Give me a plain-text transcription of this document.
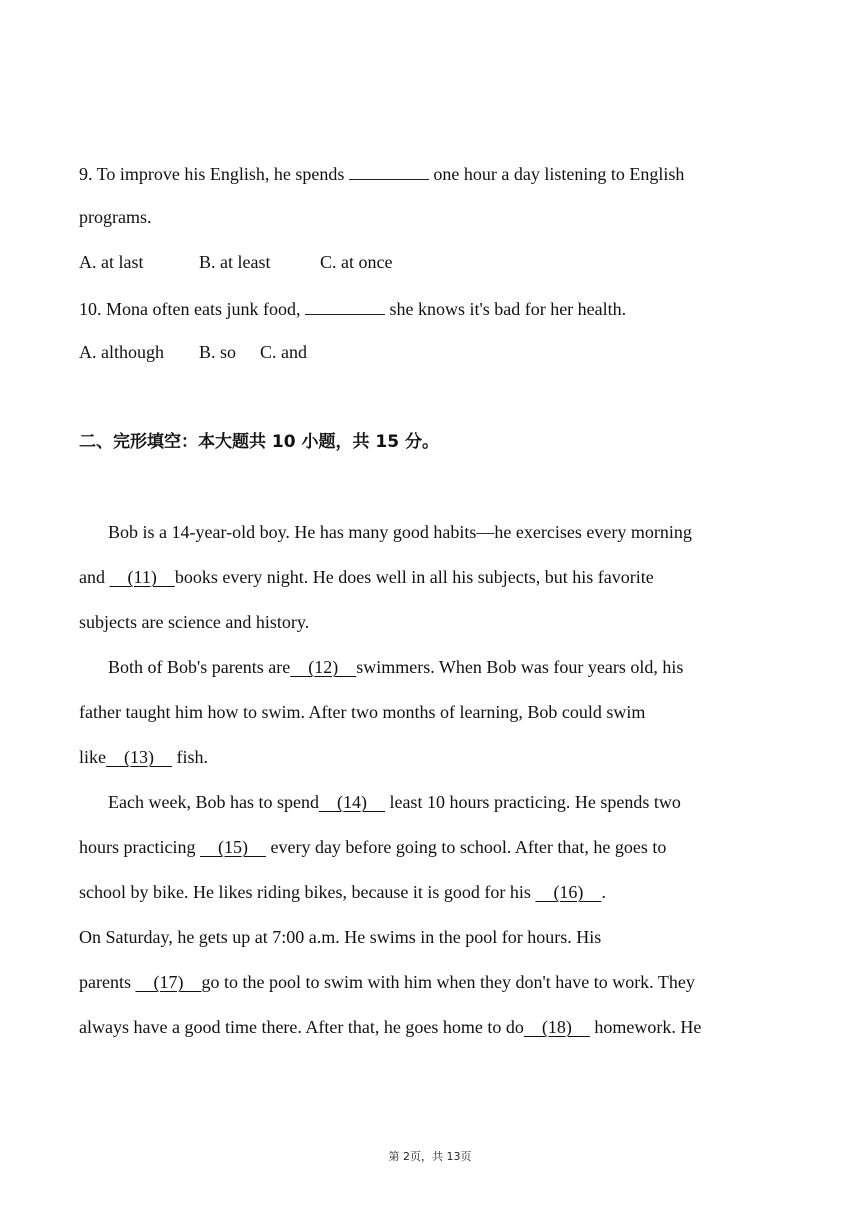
9. To improve his English, he spends	one hour a day listening to English
programs.
A. at last	B. at least	C. at once
10. Mona often eats junk food,	she knows it's bad for her health.
A. although B. so C. and
二、完形填空：本大题共 10 小题，共 15 分。
Bob is a 14-year-old boy. He has many good habits—he exercises every morning
and     (11)    books every night. He does well in all his subjects, but his favorite
subjects are science and history.
Both of Bob's parents are    (12)    swimmers. When Bob was four years old, his
father taught him how to swim. After two months of learning, Bob could swim
like    (13)     fish.
Each week, Bob has to spend    (14)     least 10 hours practicing. He spends two
hours practicing     (15)     every day before going to school. After that, he goes to
school by bike. He likes riding bikes, because it is good for his     (16)    .
On Saturday, he gets up at 7:00 a.m. He swims in the pool for hours. His
parents     (17)    go to the pool to swim with him when they don't have to work. They
always have a good time there. After that, he goes home to do    (18)     homework. He
第 2页，共 13页
